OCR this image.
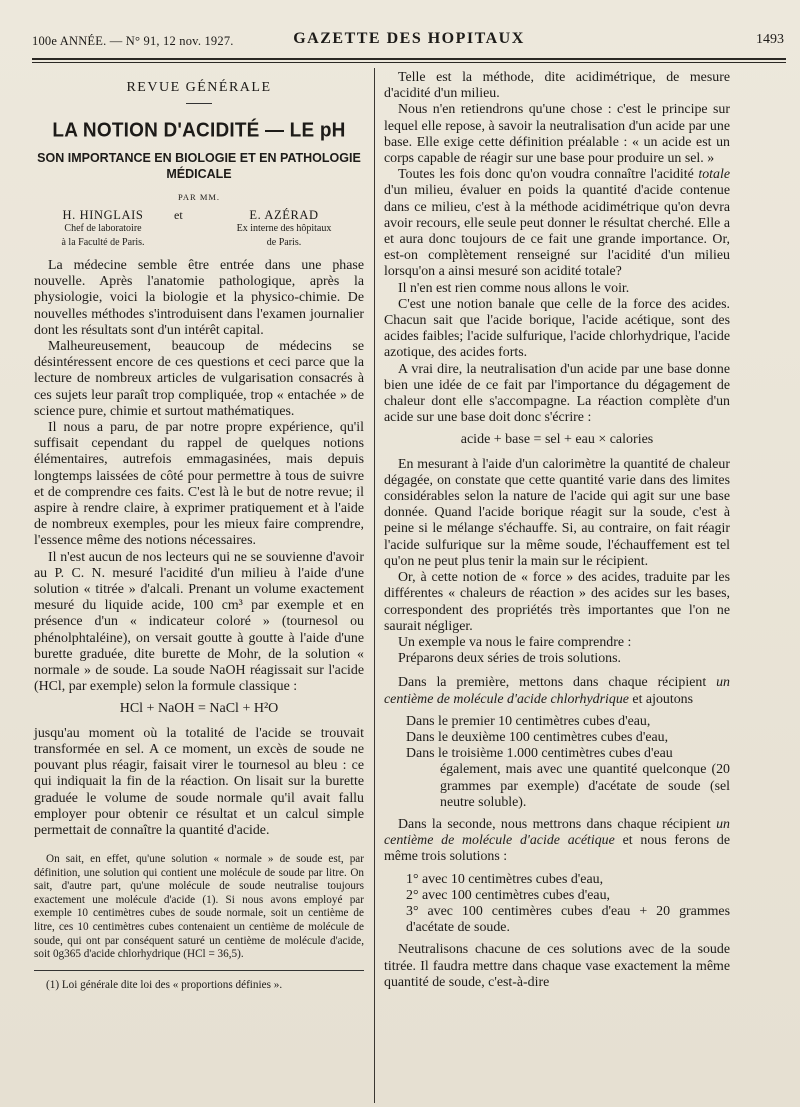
100e ANNÉE. — N° 91, 12 nov. 1927.	GAZETTE DES HOPITAUX	1493
REVUE GÉNÉRALE
LA NOTION D'ACIDITÉ — LE pH
SON IMPORTANCE EN BIOLOGIE ET EN PATHOLOGIE MÉDICALE
PAR MM.
H. HINGLAIS
Chef de laboratoire
à la Faculté de Paris.
et	E. AZÉRAD
Ex interne des hôpitaux
de Paris.

La médecine semble être entrée dans une phase nouvelle. Après l'anatomie pathologique, après la physiologie, voici la biologie et la physico-chimie. De nouvelles méthodes s'introduisent dans l'examen journalier dont les résultats sont d'un intérêt capital.

Malheureusement, beaucoup de médecins se désintéressent encore de ces questions et ceci parce que la lecture de nombreux articles de vulgarisation consacrés à ces sujets leur paraît trop compliquée, trop « entachée » de science pure, chimie et surtout mathématiques.

Il nous a paru, de par notre propre expérience, qu'il suffisait cependant du rappel de quelques notions élémentaires, autrefois emmagasinées, mais depuis longtemps laissées de côté pour permettre à tous de suivre et de comprendre ces faits. C'est là le but de notre revue; il aspire à rendre claire, à exprimer pratiquement et à l'aide de nombreux exemples, pour les mieux faire comprendre, l'essence même des notions nécessaires.

Il n'est aucun de nos lecteurs qui ne se souvienne d'avoir au P. C. N. mesuré l'acidité d'un milieu à l'aide d'une solution « titrée » d'alcali. Prenant un volume exactement mesuré du liquide acide, 100 cm³ par exemple et en présence d'un « indicateur coloré » (tournesol ou phénolphtaléine), on versait goutte à goutte à l'aide d'une burette graduée, dite burette de Mohr, de la solution « normale » de soude. La soude NaOH réagissait sur l'acide (HCl, par exemple) selon la formule classique :

HCl + NaOH = NaCl + H²O

jusqu'au moment où la totalité de l'acide se trouvait transformée en sel. A ce moment, un excès de soude ne pouvant plus réagir, faisait virer le tournesol au bleu : ce qui indiquait la fin de la réaction. On lisait sur la burette graduée le volume de soude normale qu'il avait fallu employer pour obtenir ce résultat et un calcul simple permettait de connaître la quantité d'acide.

On sait, en effet, qu'une solution « normale » de soude est, par définition, une solution qui contient une molécule de soude par litre. On sait, d'autre part, qu'une molécule de soude neutralise toujours exactement une molécule d'acide (1). Si nous avons employé par exemple 10 centimètres cubes de soude normale, soit un centième de litre, ces 10 centimètres cubes contenaient un centième de molécule de soude, qui ont par conséquent saturé un centième de molécule d'acide, soit 0g365 d'acide chlorhydrique (HCl = 36,5).

(1) Loi générale dite loi des « proportions définies ».

Telle est la méthode, dite acidimétrique, de mesure d'acidité d'un milieu.

Nous n'en retiendrons qu'une chose : c'est le principe sur lequel elle repose, à savoir la neutralisation d'un acide par une base. Elle exige cette définition préalable : « un acide est un corps capable de réagir sur une base pour produire un sel. »

Toutes les fois donc qu'on voudra connaître l'acidité totale d'un milieu, évaluer en poids la quantité d'acide contenue dans ce milieu, c'est à la méthode acidimétrique qu'on devra avoir recours, elle seule peut donner le résultat cherché. Elle a et aura donc toujours de ce fait une grande importance. Or, est-on complètement renseigné sur l'acidité d'un milieu lorsqu'on a ainsi mesuré son acidité totale?

Il n'en est rien comme nous allons le voir.

C'est une notion banale que celle de la force des acides. Chacun sait que l'acide borique, l'acide acétique, sont des acides faibles; l'acide sulfurique, l'acide chlorhydrique, l'acide azotique, des acides forts.

A vrai dire, la neutralisation d'un acide par une base donne bien une idée de ce fait par l'importance du dégagement de chaleur dont elle s'accompagne. La réaction complète d'un acide sur une base doit donc s'écrire :

acide + base = sel + eau × calories

En mesurant à l'aide d'un calorimètre la quantité de chaleur dégagée, on constate que cette quantité varie dans des limites considérables selon la nature de l'acide qui agit sur une base donnée. Quand l'acide borique réagit sur la soude, c'est à peine si le mélange s'échauffe. Si, au contraire, on fait réagir l'acide sulfurique sur la même soude, l'échauffement est tel qu'on ne peut plus tenir la main sur le récipient.

Or, à cette notion de « force » des acides, traduite par les différentes « chaleurs de réaction » des acides sur les bases, correspondent des propriétés très importantes que l'on ne saurait négliger.

Un exemple va nous le faire comprendre :

Préparons deux séries de trois solutions.

Dans la première, mettons dans chaque récipient un centième de molécule d'acide chlorhydrique et ajoutons

Dans le premier 10 centimètres cubes d'eau,
Dans le deuxième 100 centimètres cubes d'eau,
Dans le troisième 1.000 centimètres cubes d'eau
également, mais avec une quantité quelconque (20 grammes par exemple) d'acétate de soude (sel neutre soluble).

Dans la seconde, nous mettrons dans chaque récipient un centième de molécule d'acide acétique et nous ferons de même trois solutions :

1° avec 10 centimètres cubes d'eau,
2° avec 100 centimètres cubes d'eau,
3° avec 100 centimères cubes d'eau + 20 grammes d'acétate de soude.

Neutralisons chacune de ces solutions avec de la soude titrée. Il faudra mettre dans chaque vase exactement la même quantité de soude, c'est-à-dire
